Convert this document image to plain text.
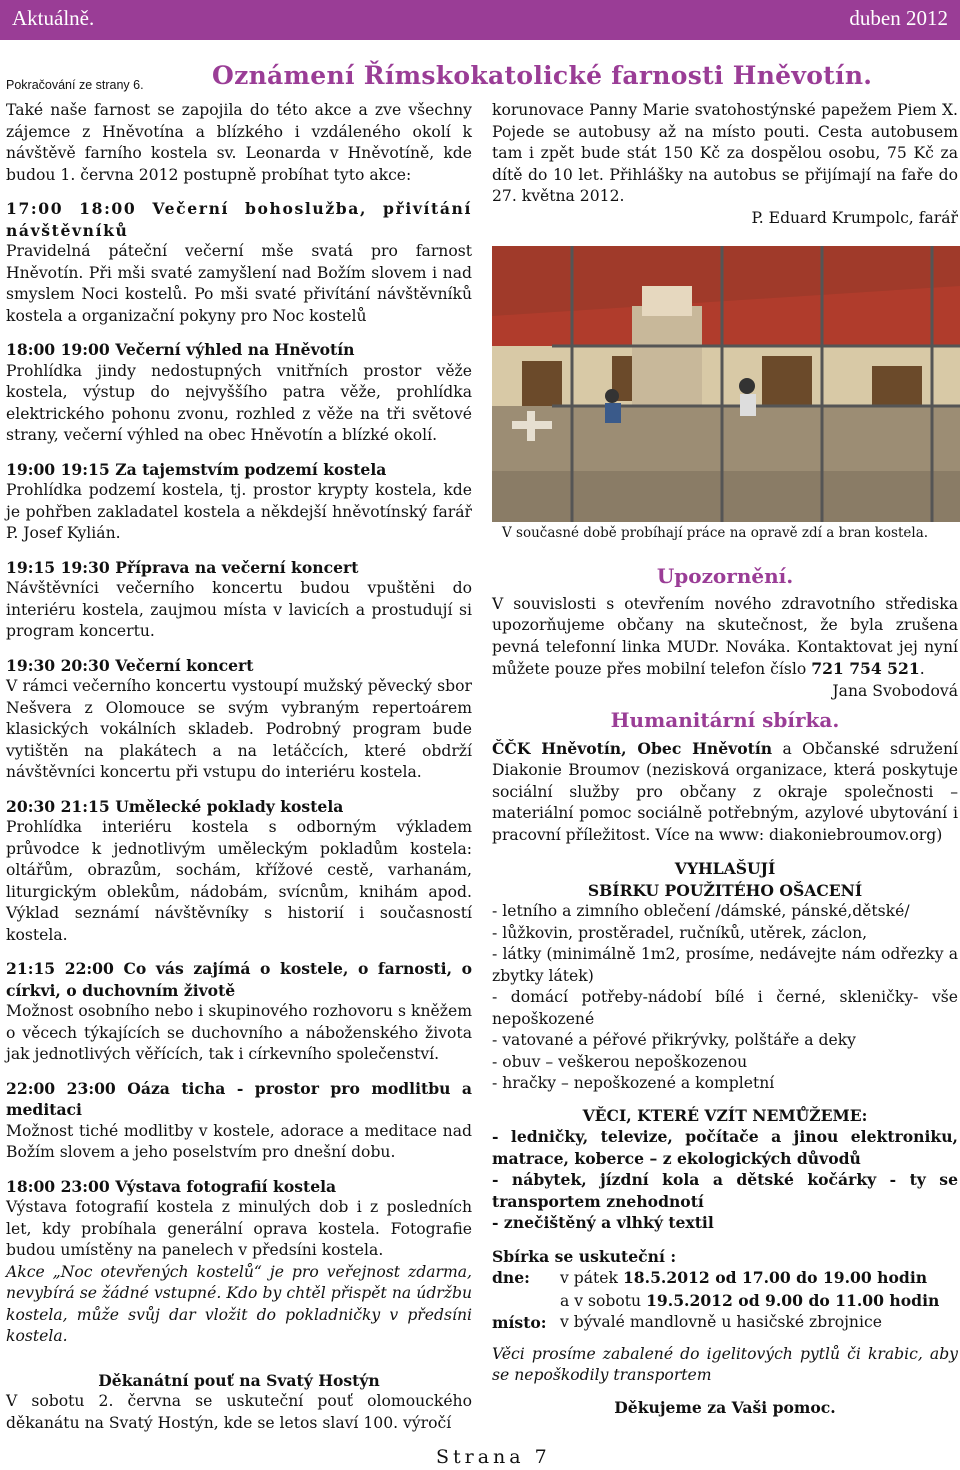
Aktuálně.	duben 2012
Pokračování ze strany 6.	Oznámení Římskokatolické farnosti Hněvotín.

Také naše farnost se zapojila do této akce a zve všechny zájemce z Hněvotína a blízkého i vzdáleného okolí k návštěvě farního kostela sv. Leonarda v Hněvotíně, kde budou 1. června 2012 postupně probíhat tyto akce:

17:00 18:00 Večerní bohoslužba, přivítání návštěvníků

Pravidelná páteční večerní mše svatá pro farnost Hněvotín. Při mši svaté zamyšlení nad Božím slovem i nad smyslem Noci kostelů. Po mši svaté přivítání návštěvníků kostela a organizační pokyny pro Noc kostelů

18:00 19:00 Večerní výhled na Hněvotín

Prohlídka jindy nedostupných vnitřních prostor věže kostela, výstup do nejvyššího patra věže, prohlídka elektrického pohonu zvonu, rozhled z věže na tři světové strany, večerní výhled na obec Hněvotín a blízké okolí.

19:00 19:15 Za tajemstvím podzemí kostela

Prohlídka podzemí kostela, tj. prostor krypty kostela, kde je pohřben zakladatel kostela a někdejší hněvotínský farář P. Josef Kylián.

19:15 19:30 Příprava na večerní koncert

Návštěvníci večerního koncertu budou vpuštěni do interiéru kostela, zaujmou místa v lavicích a prostudují si program koncertu.

19:30 20:30 Večerní koncert

V rámci večerního koncertu vystoupí mužský pěvecký sbor Nešvera z Olomouce se svým vybraným repertoárem klasických vokálních skladeb. Podrobný program bude vytištěn na plakátech a na letáčcích, které obdrží návštěvníci koncertu při vstupu do interiéru kostela.

20:30 21:15 Umělecké poklady kostela

Prohlídka interiéru kostela s odborným výkladem průvodce k jednotlivým uměleckým pokladům kostela: oltářům, obrazům, sochám, křížové cestě, varhanám, liturgickým oblekům, nádobám, svícnům, knihám apod. Výklad seznámí návštěvníky s historií i současností kostela.

21:15 22:00 Co vás zajímá o kostele, o farnosti, o církvi, o duchovním životě

Možnost osobního nebo i skupinového rozhovoru s kněžem o věcech týkajících se duchovního a náboženského života jak jednotlivých věřících, tak i církevního společenství.

22:00 23:00 Oáza ticha - prostor pro modlitbu a meditaci

Možnost tiché modlitby v kostele, adorace a meditace nad Božím slovem a jeho poselstvím pro dnešní dobu.

18:00 23:00 Výstava fotografií kostela

Výstava fotografií kostela z minulých dob i z posledních let, kdy probíhala generální oprava kostela. Fotografie budou umístěny na panelech v předsíni kostela.

Akce „Noc otevřených kostelů“ je pro veřejnost zdarma, nevybírá se žádné vstupné. Kdo by chtěl přispět na údržbu kostela, může svůj dar vložit do pokladničky v předsíni kostela.

Děkanátní pouť na Svatý Hostýn

V sobotu 2. června se uskuteční pouť olomouckého děkanátu na Svatý Hostýn, kde se letos slaví 100. výročí

korunovace Panny Marie svatohostýnské papežem Piem X. Pojede se autobusy až na místo pouti. Cesta autobusem tam i zpět bude stát 150 Kč za dospělou osobu, 75 Kč za dítě do 10 let. Přihlášky na autobus se přijímají na faře do 27. května 2012.

P. Eduard Krumpolc, farář

V současné době probíhají práce na opravě zdí a bran kostela.

Upozornění.

V souvislosti s otevřením nového zdravotního střediska upozorňujeme občany na skutečnost, že byla zrušena pevná telefonní linka MUDr. Nováka. Kontaktovat jej nyní můžete pouze přes mobilní telefon číslo 721 754 521.

Jana Svobodová

Humanitární sbírka.

ČČK Hněvotín, Obec Hněvotín a Občanské sdružení Diakonie Broumov (nezisková organizace, která poskytuje sociální služby pro občany z okraje společnosti – materiální pomoc sociálně potřebným, azylové ubytování i pracovní příležitost. Více na www: diakoniebroumov.org)

VYHLAŠUJÍ

SBÍRKU POUŽITÉHO OŠACENÍ

- letního a zimního oblečení /dámské, pánské,dětské/

- lůžkovin, prostěradel, ručníků, utěrek, záclon,

- látky (minimálně 1m2, prosíme, nedávejte nám odřezky a zbytky látek)

- domácí potřeby-nádobí bílé i černé, skleničky- vše nepoškozené

- vatované a péřové přikrývky, polštáře a deky

- obuv – veškerou nepoškozenou

- hračky – nepoškozené a kompletní

VĚCI, KTERÉ VZÍT NEMŮŽEME:

- ledničky, televize, počítače a jinou elektroniku, matrace, koberce – z ekologických důvodů

- nábytek, jízdní kola a dětské kočárky - ty se transportem znehodnotí

- znečištěný a vlhký textil

Sbírka se uskuteční :

dne:	v pátek 18.5.2012 od 17.00 do 19.00 hodin
a v sobotu 19.5.2012 od 9.00 do 11.00 hodin
místo: v bývalé mandlovně u hasičské zbrojnice

Věci prosíme zabalené do igelitových pytlů či krabic, aby se nepoškodily transportem

Děkujeme za Vaši pomoc.

Strana 7
